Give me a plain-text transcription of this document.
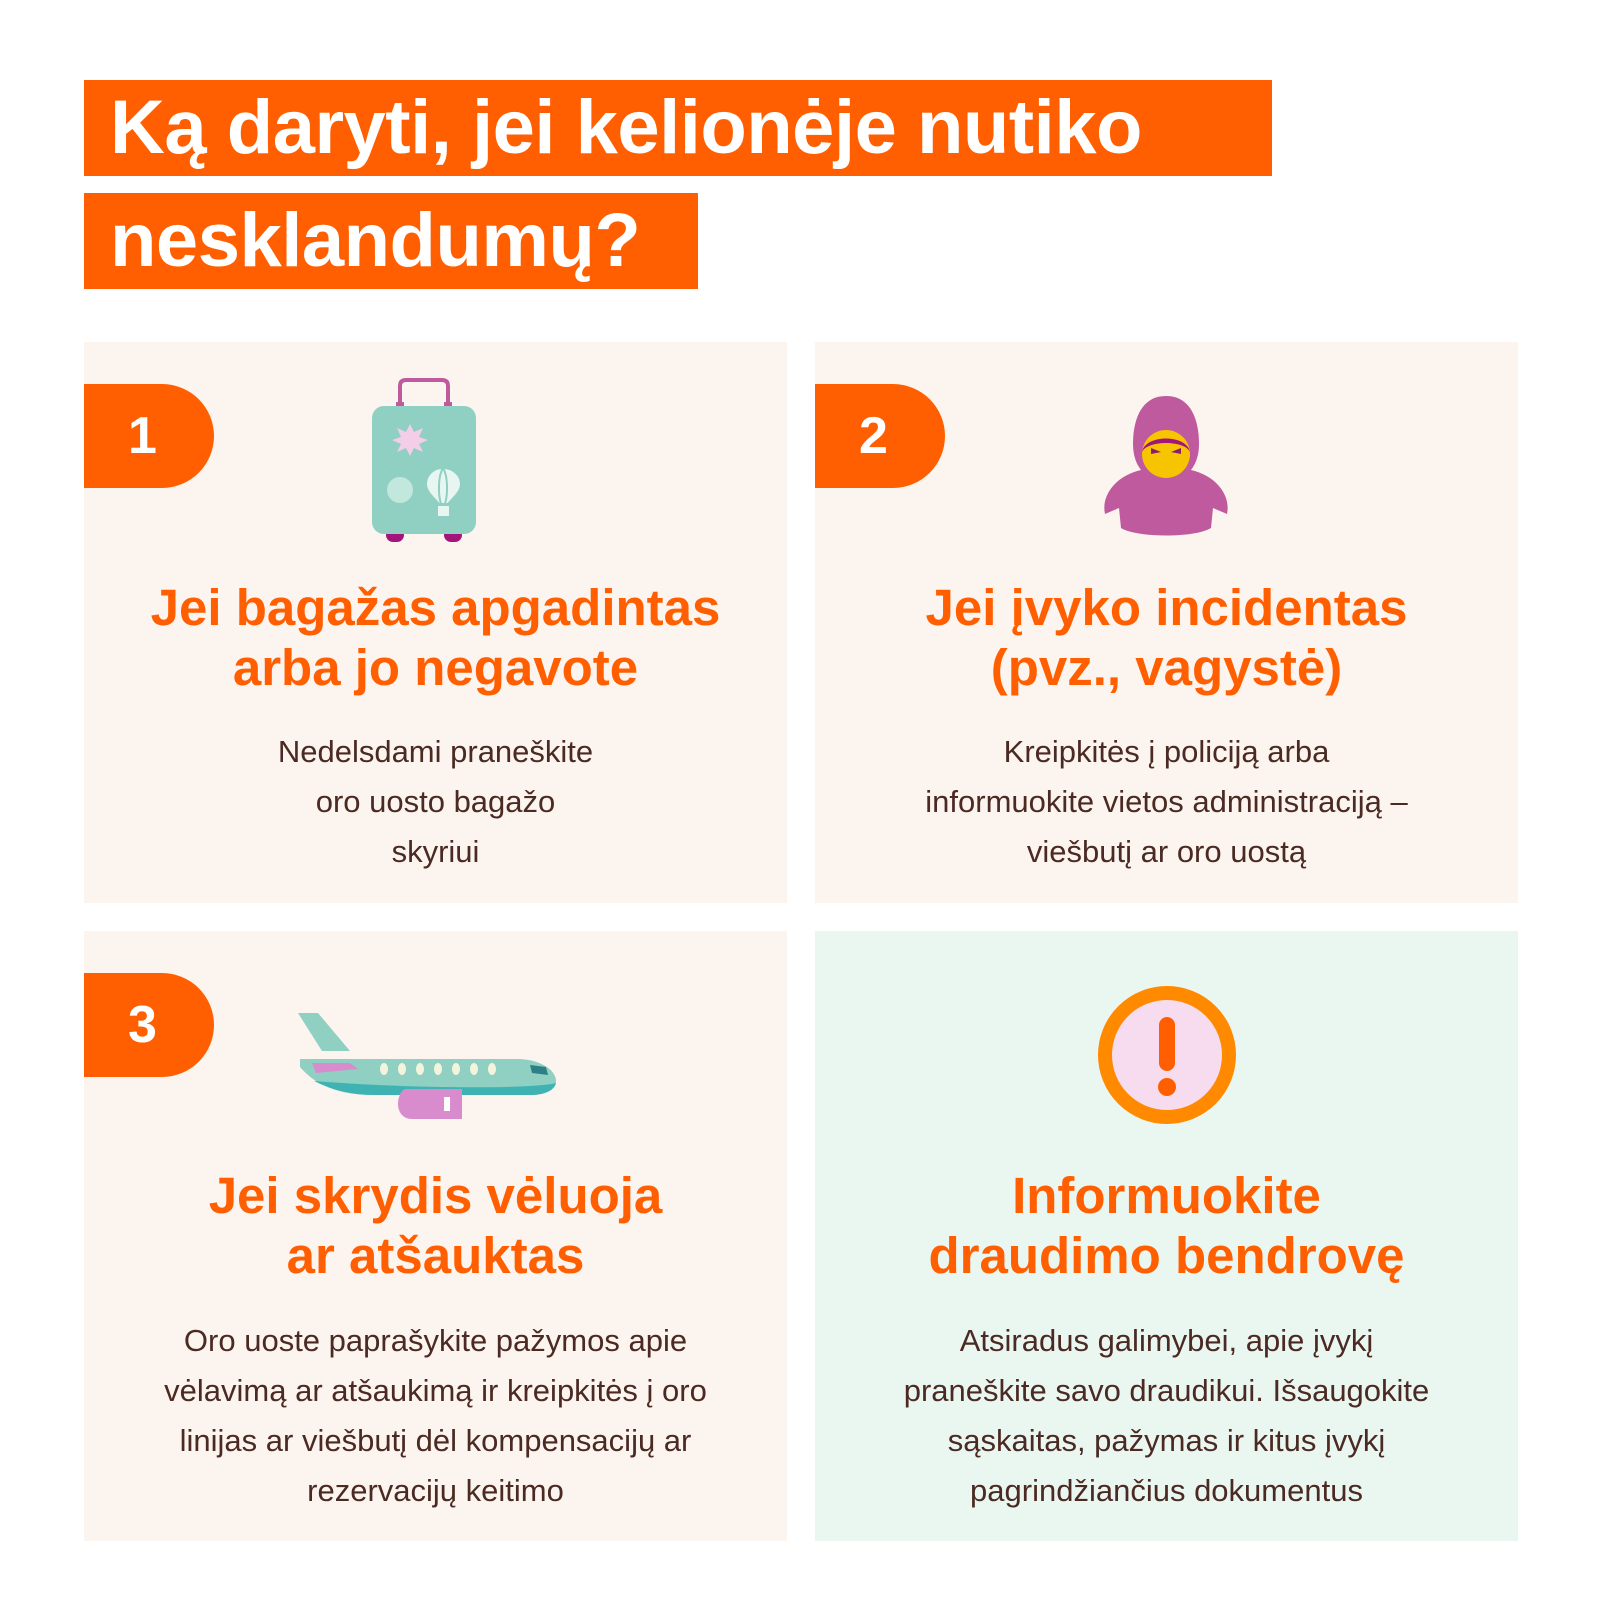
Ką daryti, jei kelionėje nutiko
nesklandumų?
1
Jei bagažas apgadintas
arba jo negavote
Nedelsdami praneškite
oro uosto bagažo
skyriui
2
Jei įvyko incidentas
(pvz., vagystė)
Kreipkitės į policiją arba
informuokite vietos administraciją –
viešbutį ar oro uostą
3
Jei skrydis vėluoja
ar atšauktas
Oro uoste paprašykite pažymos apie
vėlavimą ar atšaukimą ir kreipkitės į oro
linijas ar viešbutį dėl kompensacijų ar
rezervacijų keitimo
Informuokite
draudimo bendrovę
Atsiradus galimybei, apie įvykį
praneškite savo draudikui. Išsaugokite
sąskaitas, pažymas ir kitus įvykį
pagrindžiančius dokumentus
